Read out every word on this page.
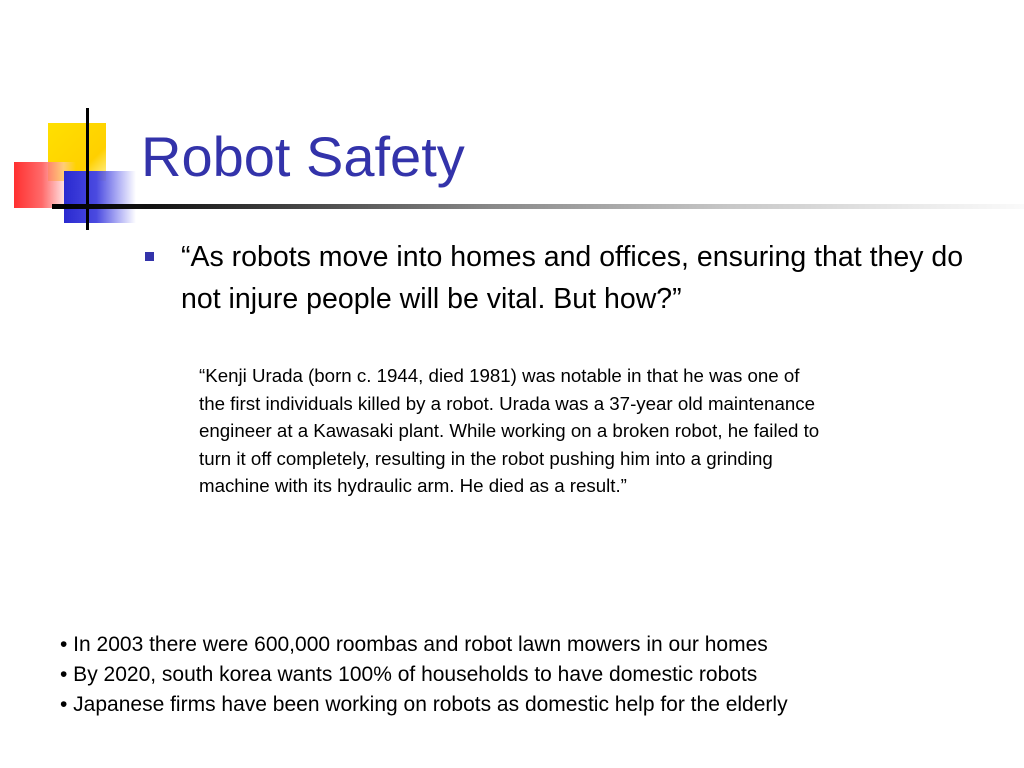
Robot Safety
“As robots move into homes and offices, ensuring that they do not injure people will be vital. But how?”
“Kenji Urada (born c. 1944, died 1981) was notable in that he was one of the first individuals killed by a robot. Urada was a 37-year old maintenance engineer at a Kawasaki plant. While working on a broken robot, he failed to turn it off completely, resulting in the robot pushing him into a grinding machine with its hydraulic arm. He died as a result.”
• In 2003 there were 600,000 roombas and robot lawn mowers in our homes
• By 2020, south korea wants 100% of households to have domestic robots
• Japanese firms have been working on robots as domestic help for the elderly
